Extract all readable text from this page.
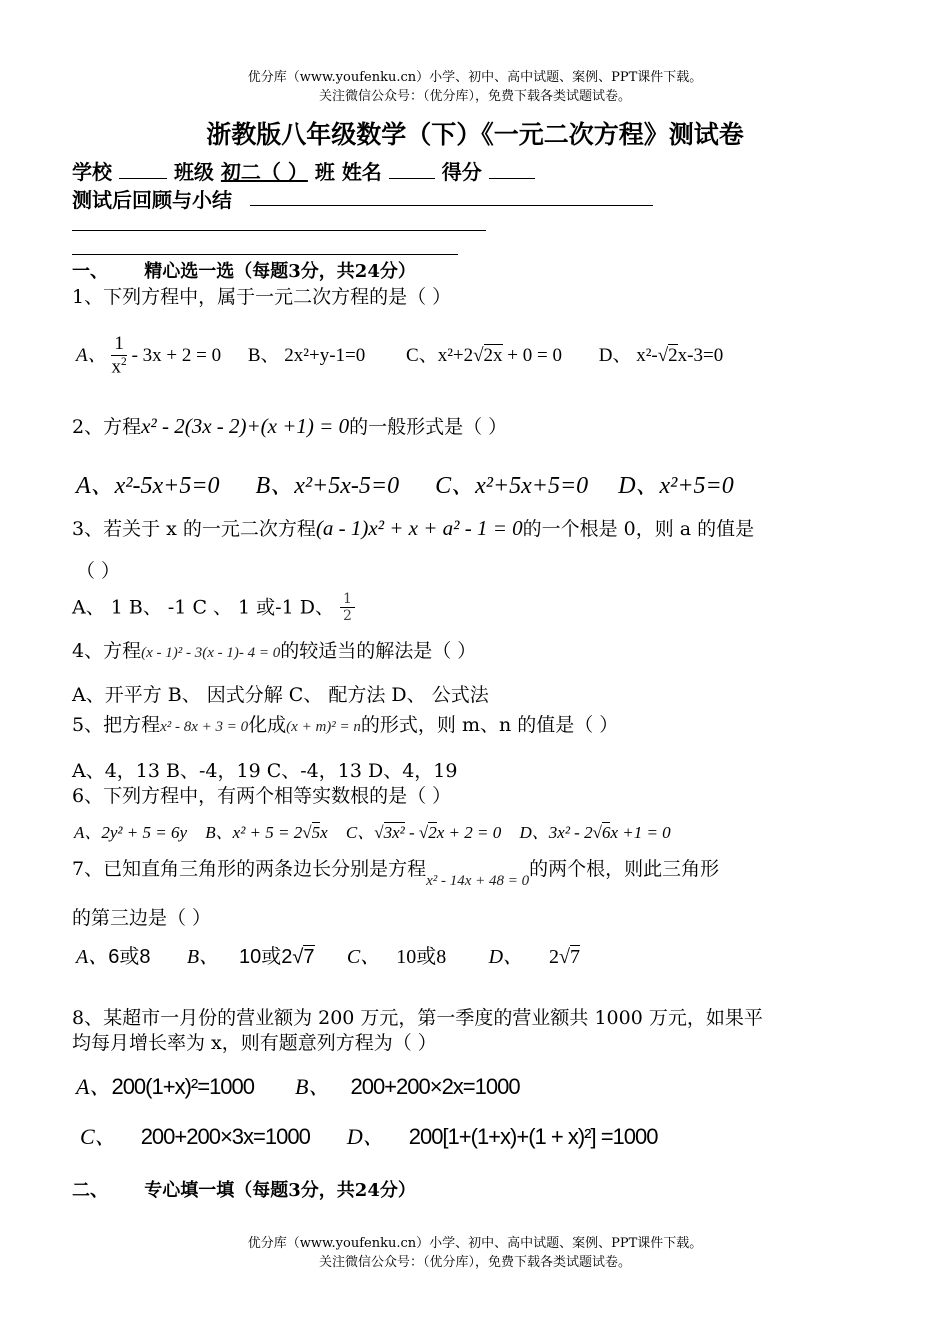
优分库（www.youfenku.cn）小学、初中、高中试题、案例、PPT课件下载。
关注微信公众号：（优分库），免费下载各类试题试卷。
浙教版八年级数学（下）《一元二次方程》测试卷
学校	班级 初二（ ） 班 姓名	得分
测试后回顾与小结
一、 精心选一选（每题3分，共24分）
1、下列方程中，属于一元二次方程的是（ ）
A、 $\frac{1}{x^2} - 3x + 2 = 0$ B、 2x²+y-1=0 C、x²+2√2x + 0 = 0 D、 x²-√2x-3=0
2、方程x² - 2(3x - 2)+(x +1) = 0的一般形式是（ ）
A、x²-5x+5=0 B、x²+5x-5=0 C、x²+5x+5=0 D、x²+5=0
3、若关于 x 的一元二次方程(a - 1)x² + x + a² - 1 = 0的一个根是 0，则 a 的值是
（ ）
A、 1 B、 -1 C 、 1 或-1 D、 $\frac{1}{2}$
4、方程(x - 1)² - 3(x - 1)- 4 = 0的较适当的解法是（ ）
A、开平方 B、 因式分解 C、 配方法 D、 公式法
5、把方程x² - 8x + 3 = 0化成(x + m)² = n的形式，则 m、n 的值是（ ）
A、4，13 B、-4，19 C、-4，13 D、4，19
6、下列方程中，有两个相等实数根的是（ ）
A、2y² + 5 = 6y B、x² + 5 = 2√5x C、√3x² - √2x + 2 = 0 D、3x² - 2√6x +1 = 0
7、已知直角三角形的两条边长分别是方程$_{x^2 - 14x + 48 = 0}$的两个根，则此三角形
的第三边是（ ）
A、6或8 B、 10或2√7 C、 10或8 D、 2√7
8、某超市一月份的营业额为 200 万元，第一季度的营业额共 1000 万元，如果平
均每月增长率为 x，则有题意列方程为（ ）
A、200(1+x)²=1000 B、 200+200×2x=1000
C、 200+200×3x=1000 D、 200[1+(1+x)+(1 + x)²] =1000
二、 专心填一填（每题3分，共24分）
优分库（www.youfenku.cn）小学、初中、高中试题、案例、PPT课件下载。
关注微信公众号：（优分库），免费下载各类试题试卷。
